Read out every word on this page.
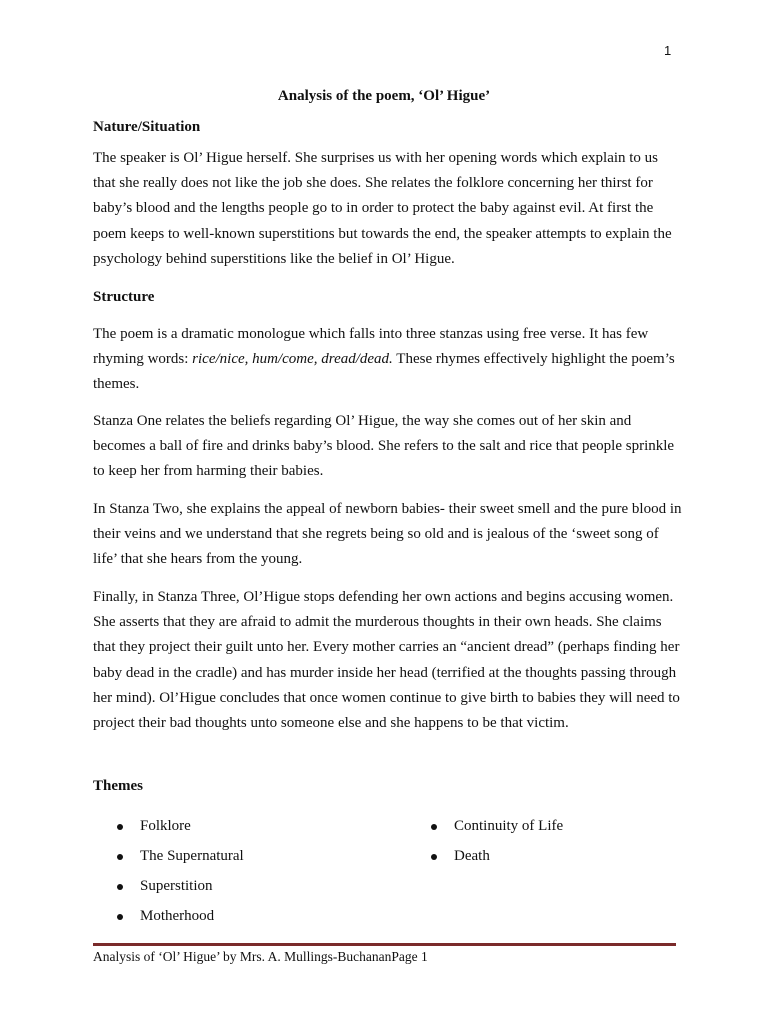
1
Analysis of the poem, ‘Ol’ Higue’
Nature/Situation

The speaker is Ol’ Higue herself. She surprises us with her opening words which explain to us that she really does not like the job she does. She relates the folklore concerning her thirst for baby’s blood and the lengths people go to in order to protect the baby against evil. At first the poem keeps to well-known superstitions but towards the end, the speaker attempts to explain the psychology behind superstitions like the belief in Ol’ Higue.

Structure

The poem is a dramatic monologue which falls into three stanzas using free verse. It has few rhyming words: rice/nice, hum/come, dread/dead. These rhymes effectively highlight the poem’s themes.

Stanza One relates the beliefs regarding Ol’ Higue, the way she comes out of her skin and becomes a ball of fire and drinks baby’s blood. She refers to the salt and rice that people sprinkle to keep her from harming their babies.

In Stanza Two, she explains the appeal of newborn babies- their sweet smell and the pure blood in their veins and we understand that she regrets being so old and is jealous of the ‘sweet song of life’ that she hears from the young.

Finally, in Stanza Three, Ol’Higue stops defending her own actions and begins accusing women. She asserts that they are afraid to admit the murderous thoughts in their own heads. She claims that they project their guilt unto her. Every mother carries an “ancient dread” (perhaps finding her baby dead in the cradle) and has murder inside her head (terrified at the thoughts passing through her mind). Ol’Higue concludes that once women continue to give birth to babies they will need to project their bad thoughts unto someone else and she happens to be that victim.

Themes
Folklore
The Supernatural
Superstition
Motherhood
Continuity of Life
Death
Analysis of ‘Ol’ Higue’ by Mrs. A. Mullings-BuchananPage 1
